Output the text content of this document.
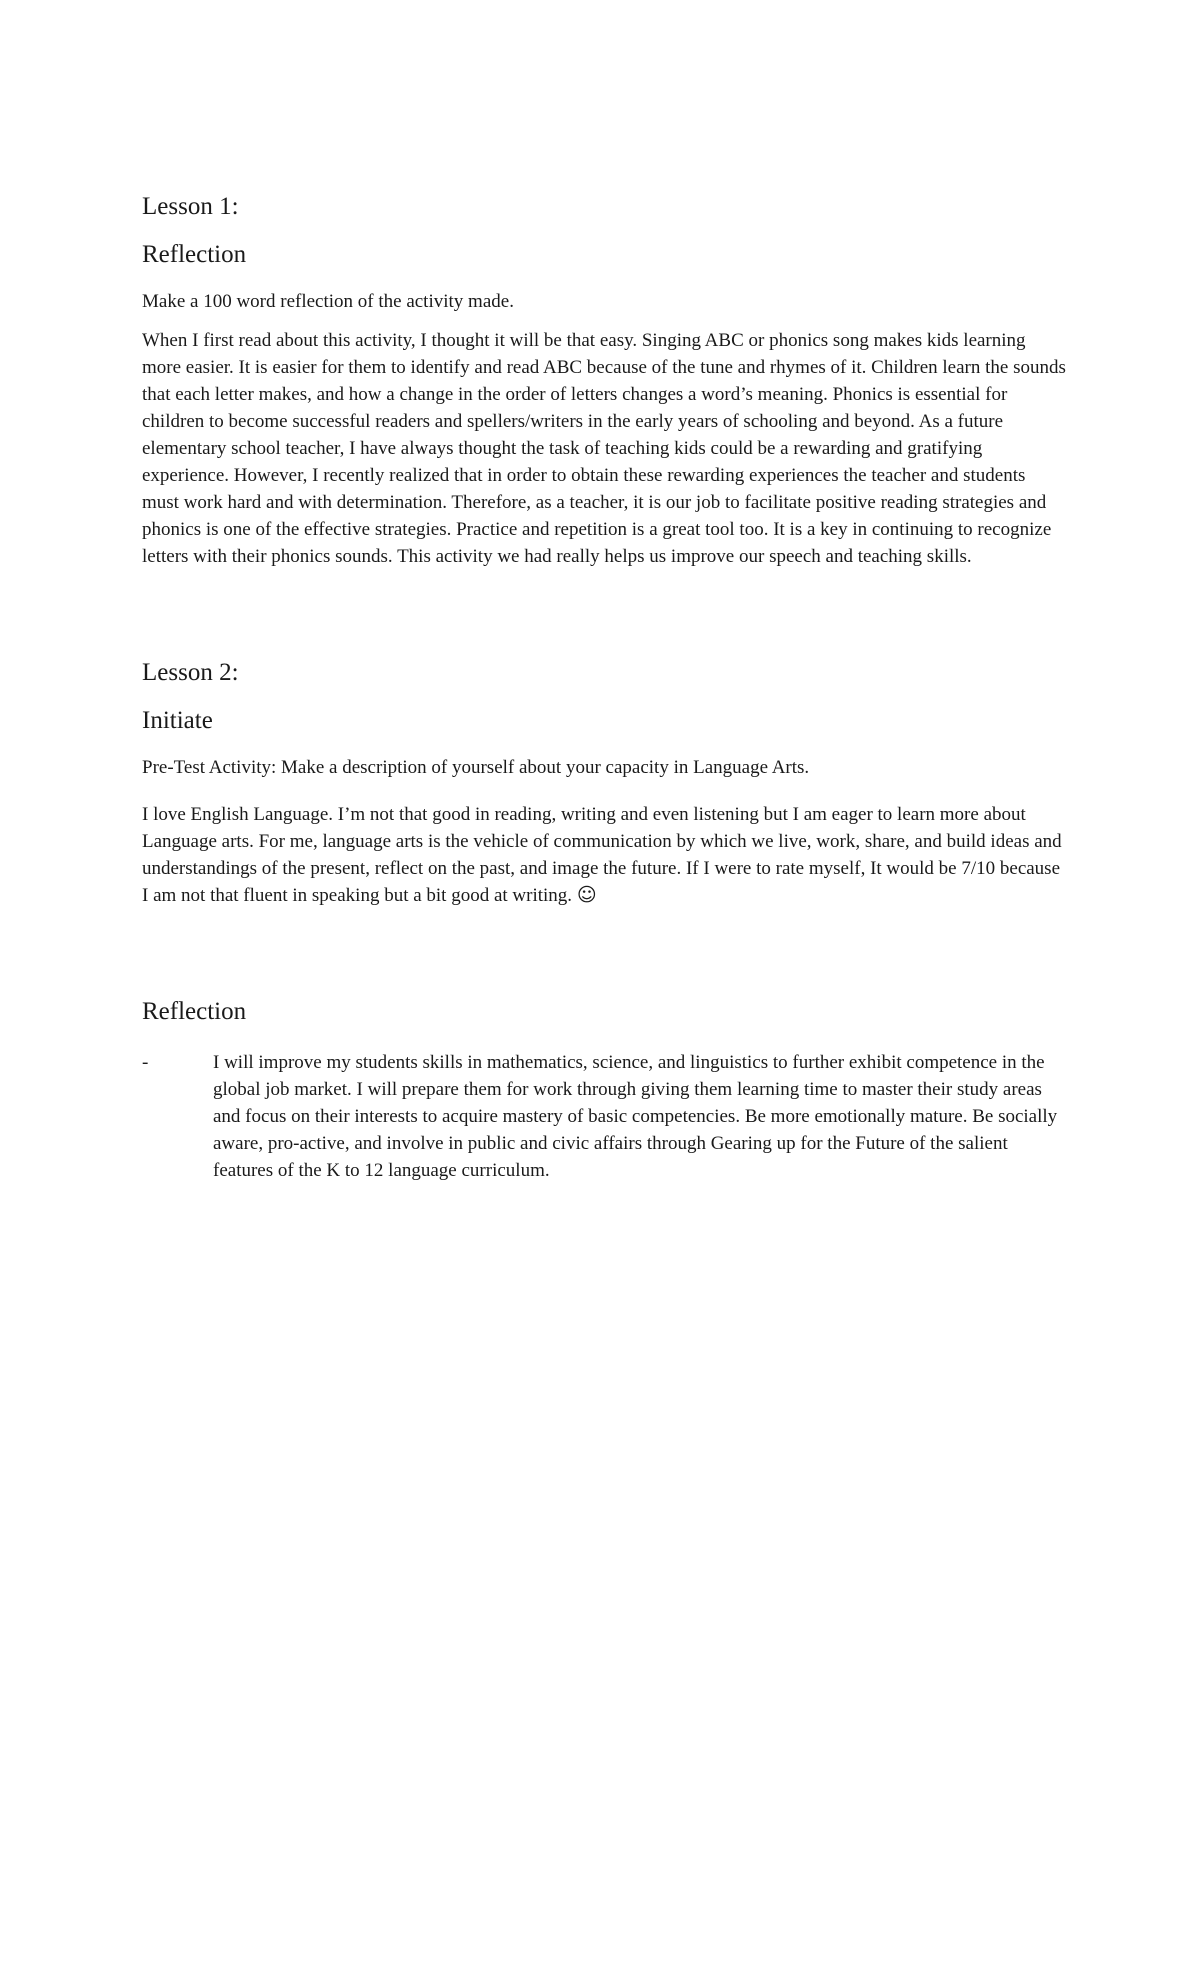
Lesson 1:
Reflection

Make a 100 word reflection of the activity made.

When I first read about this activity, I thought it will be that easy. Singing ABC or phonics song makes kids learning more easier. It is easier for them to identify and read ABC because of the tune and rhymes of it. Children learn the sounds that each letter makes, and how a change in the order of letters changes a word’s meaning. Phonics is essential for children to become successful readers and spellers/writers in the early years of schooling and beyond. As a future elementary school teacher, I have always thought the task of teaching kids could be a rewarding and gratifying experience. However, I recently realized that in order to obtain these rewarding experiences the teacher and students must work hard and with determination. Therefore, as a teacher, it is our job to facilitate positive reading strategies and phonics is one of the effective strategies. Practice and repetition is a great tool too. It is a key in continuing to recognize letters with their phonics sounds. This activity we had really helps us improve our speech and teaching skills.

Lesson 2:
Initiate

Pre-Test Activity: Make a description of yourself about your capacity in Language Arts.

I love English Language. I’m not that good in reading, writing and even listening but I am eager to learn more about Language arts. For me, language arts is the vehicle of communication by which we live, work, share, and build ideas and understandings of the present, reflect on the past, and image the future. If I were to rate myself, It would be 7/10 because I am not that fluent in speaking but a bit good at writing. ☺

Reflection
-	I will improve my students skills in mathematics, science, and linguistics to further exhibit competence in the global job market. I will prepare them for work through giving them learning time to master their study areas and focus on their interests to acquire mastery of basic competencies. Be more emotionally mature. Be socially aware, pro-active, and involve in public and civic affairs through Gearing up for the Future of the salient features of the K to 12 language curriculum.
